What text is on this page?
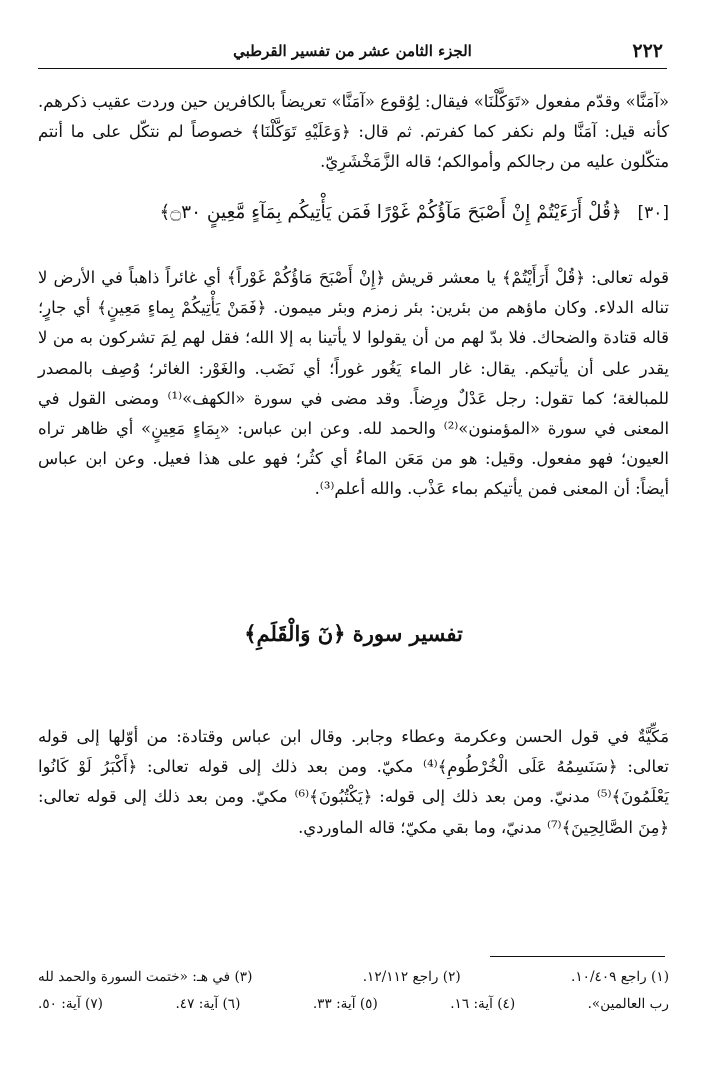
٢٢٢
الجزء الثامن عشر من تفسير القرطبي

«آمَنَّا» وقدّم مفعول «تَوَكَّلْنَا» فيقال: لِوُقوع «آمَنَّا» تعريضاً بالكافرين حين وردت عقيب ذكرهم. كأنه قيل: آمَنَّا ولم نكفر كما كفرتم. ثم قال: ﴿وَعَلَيْهِ تَوَكَّلْنَا﴾ خصوصاً لم نتكّل على ما أنتم متكّلون عليه من رجالكم وأموالكم؛ قاله الزَّمَخْشَرِيّ.

[٣٠] ﴿قُلْ أَرَءَيْتُمْ إِنْ أَصْبَحَ مَآؤُكُمْ غَوْرًا فَمَن يَأْتِيكُم بِمَآءٍ مَّعِينٍ ۝٣٠﴾

قوله تعالى: ﴿قُلْ أَرَأَيْتُمْ﴾ يا معشر قريش ﴿إِنْ أَصْبَحَ مَاؤُكُمْ غَوْراً﴾ أي غائراً ذاهباً في الأرض لا تناله الدلاء. وكان ماؤهم من بئرين: بئر زمزم وبئر ميمون. ﴿فَمَنْ يَأْتِيكُمْ بِماءٍ مَعِينٍ﴾ أي جارٍ؛ قاله قتادة والضحاك. فلا بدّ لهم من أن يقولوا لا يأتينا به إلا الله؛ فقل لهم لِمَ تشركون به من لا يقدر على أن يأتيكم. يقال: غار الماء يَغُور غوراً؛ أي نَضَب. والغَوْر: الغائر؛ وُصِف بالمصدر للمبالغة؛ كما تقول: رجل عَدْلٌ ورِضاً. وقد مضى في سورة «الكهف»⁽¹⁾ ومضى القول في المعنى في سورة «المؤمنون»⁽²⁾ والحمد لله. وعن ابن عباس: «بِمَاءٍ مَعِينٍ» أي ظاهر تراه العيون؛ فهو مفعول. وقيل: هو من مَعَن الماءُ أي كثُر؛ فهو على هذا فعيل. وعن ابن عباس أيضاً: أن المعنى فمن يأتيكم بماء عَذْب. والله أعلم⁽³⁾.

تفسير سورة ﴿نٓ وَالْقَلَمِ﴾

مَكِّيَّةٌ في قول الحسن وعكرمة وعطاء وجابر. وقال ابن عباس وقتادة: من أوّلها إلى قوله تعالى: ﴿سَنَسِمُهُ عَلَى الْخُرْطُومِ﴾⁽⁴⁾ مكيّ. ومن بعد ذلك إلى قوله تعالى: ﴿أَكْبَرُ لَوْ كَانُوا يَعْلَمُونَ﴾⁽⁵⁾ مدنيّ. ومن بعد ذلك إلى قوله: ﴿يَكْتُبُونَ﴾⁽⁶⁾ مكيّ. ومن بعد ذلك إلى قوله تعالى: ﴿مِنَ الصَّالِحِينَ﴾⁽⁷⁾ مدنيّ، وما بقي مكيّ؛ قاله الماوردي.

(١) راجع ١٠/٤٠٩.
(٢) راجع ١٢/١١٢.
(٣) في هـ: «ختمت السورة والحمد لله
رب العالمين».
(٤) آية: ١٦.
(٥) آية: ٣٣.
(٦) آية: ٤٧.
(٧) آية: ٥٠.
